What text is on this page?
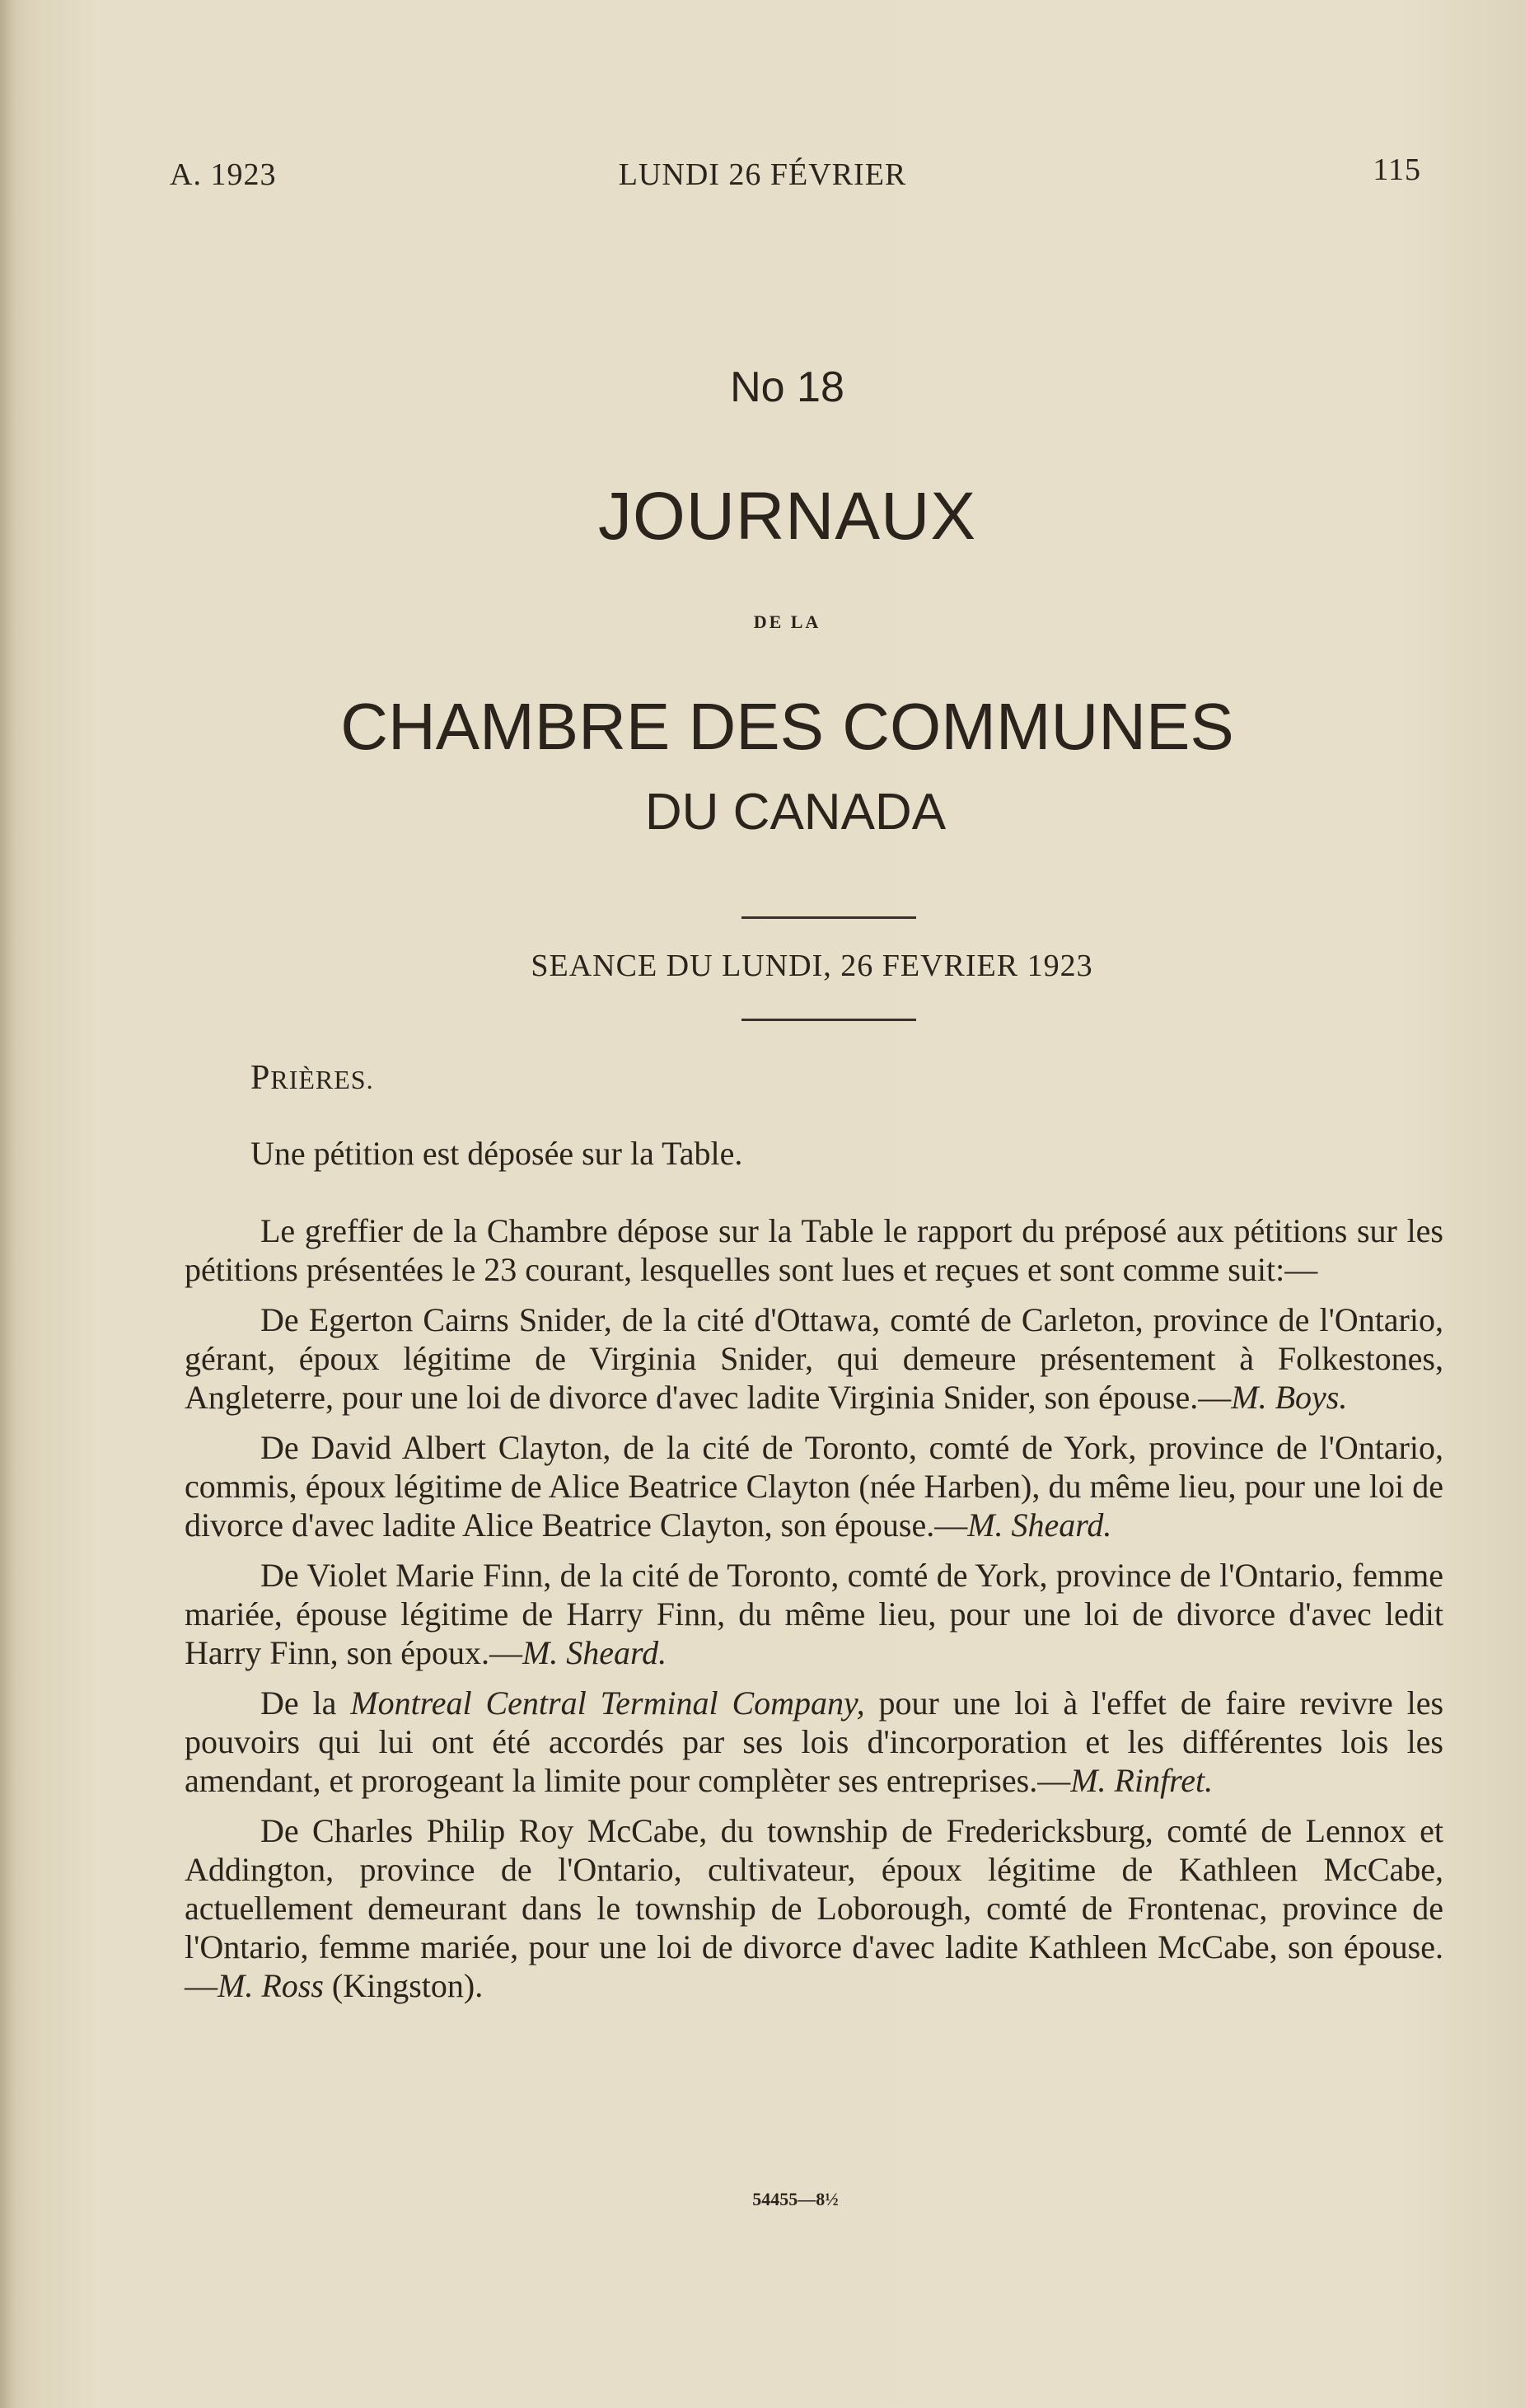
A. 1923	LUNDI 26 FÉVRIER	115
No 18
JOURNAUX
DE LA
CHAMBRE DES COMMUNES
DU CANADA
SEANCE DU LUNDI, 26 FEVRIER 1923
PRIÈRES.
Une pétition est déposée sur la Table.

Le greffier de la Chambre dépose sur la Table le rapport du préposé aux pétitions sur les pétitions présentées le 23 courant, lesquelles sont lues et reçues et sont comme suit:—

De Egerton Cairns Snider, de la cité d'Ottawa, comté de Carleton, province de l'Ontario, gérant, époux légitime de Virginia Snider, qui demeure présentement à Folkestones, Angleterre, pour une loi de divorce d'avec ladite Virginia Snider, son épouse.—M. Boys.

De David Albert Clayton, de la cité de Toronto, comté de York, province de l'Ontario, commis, époux légitime de Alice Beatrice Clayton (née Harben), du même lieu, pour une loi de divorce d'avec ladite Alice Beatrice Clayton, son épouse.—M. Sheard.

De Violet Marie Finn, de la cité de Toronto, comté de York, province de l'Ontario, femme mariée, épouse légitime de Harry Finn, du même lieu, pour une loi de divorce d'avec ledit Harry Finn, son époux.—M. Sheard.

De la Montreal Central Terminal Company, pour une loi à l'effet de faire revivre les pouvoirs qui lui ont été accordés par ses lois d'incorporation et les différentes lois les amendant, et prorogeant la limite pour complèter ses entreprises.—M. Rinfret.

De Charles Philip Roy McCabe, du township de Fredericksburg, comté de Lennox et Addington, province de l'Ontario, cultivateur, époux légitime de Kathleen McCabe, actuellement demeurant dans le township de Loborough, comté de Frontenac, province de l'Ontario, femme mariée, pour une loi de divorce d'avec ladite Kathleen McCabe, son épouse.—M. Ross (Kingston).

54455—8½
